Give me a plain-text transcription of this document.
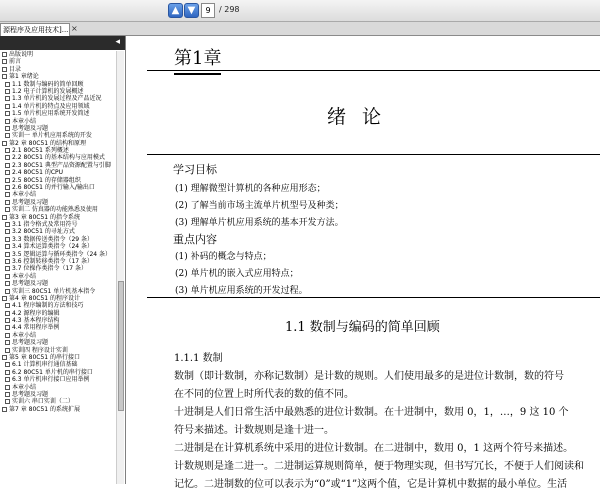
▲ ▼	9	/ 298
源程序及应用技术]... ×
◂
出版说明
前言
目录
第1 章绪论
1.1 数制与编码的简单回顾
1.2 电子计算机的发展概述
1.3 单片机的发展过程及产品近况
1.4 单片机的特点及应用领域
1.5 单片机应用系统开发简述
本章小结
思考题及习题
实训一 单片机应用系统的开发
第2 章 80C51 的结构和原理
2.1 80C51 系列概述
2.2 80C51 的基本结构与应用模式
2.3 80C51 典型产品资源配置与引脚
2.4 80C51 的CPU
2.5 80C51 的存储器组织
2.6 80C51 的并行输入/输出口
本章小结
思考题及习题
实训二 仿真器的功能熟悉及使用
第3 章 80C51 的指令系统
3.1 指令格式及常用符号
3.2 80C51 的寻址方式
3.3 数据传送类指令（29 条）
3.4 算术运算类指令（24 条）
3.5 逻辑运算与循环类指令（24 条）
3.6 控制转移类指令（17 条）
3.7 位操作类指令（17 条）
本章小结
思考题及习题
实训三 80C51 单片机基本指令
第4 章 80C51 的程序设计
4.1 程序编制的方法和技巧
4.2 源程序的编辑
4.3 基本程序结构
4.4 常用程序举例
本章小结
思考题及习题
实训四 程序设计实训
第5 章 80C51 的串行接口
6.1 计算机串行通信基础
6.2 80C51 单片机的串行接口
6.3 单片机串行接口应用举例
本章小结
思考题及习题
实训六 串口实训（二）
第7 章 80C51 的系统扩展
第1章
绪论
学习目标
(1) 理解微型计算机的各种应用形态；
(2) 了解当前市场主流单片机型号及种类；
(3) 理解单片机应用系统的基本开发方法。
重点内容
(1) 补码的概念与特点；
(2) 单片机的嵌入式应用特点；
(3) 单片机应用系统的开发过程。
1.1 数制与编码的简单回顾
1.1.1 数制
数制（即计数制，亦称记数制）是计数的规则。人们使用最多的是进位计数制，数的符号
在不同的位置上时所代表的数的值不同。
十进制是人们日常生活中最熟悉的进位计数制。在十进制中，数用 0，1，…，9 这 10 个
符号来描述。计数规则是逢十进一。
二进制是在计算机系统中采用的进位计数制。在二进制中，数用 0，1 这两个符号来描述。
计数规则是逢二进一。二进制运算规则简单，便于物理实现，但书写冗长，不便于人们阅读和
记忆。二进制数的位可以表示为“0”或“1”这两个值，它是计算机中数据的最小单位。生活
